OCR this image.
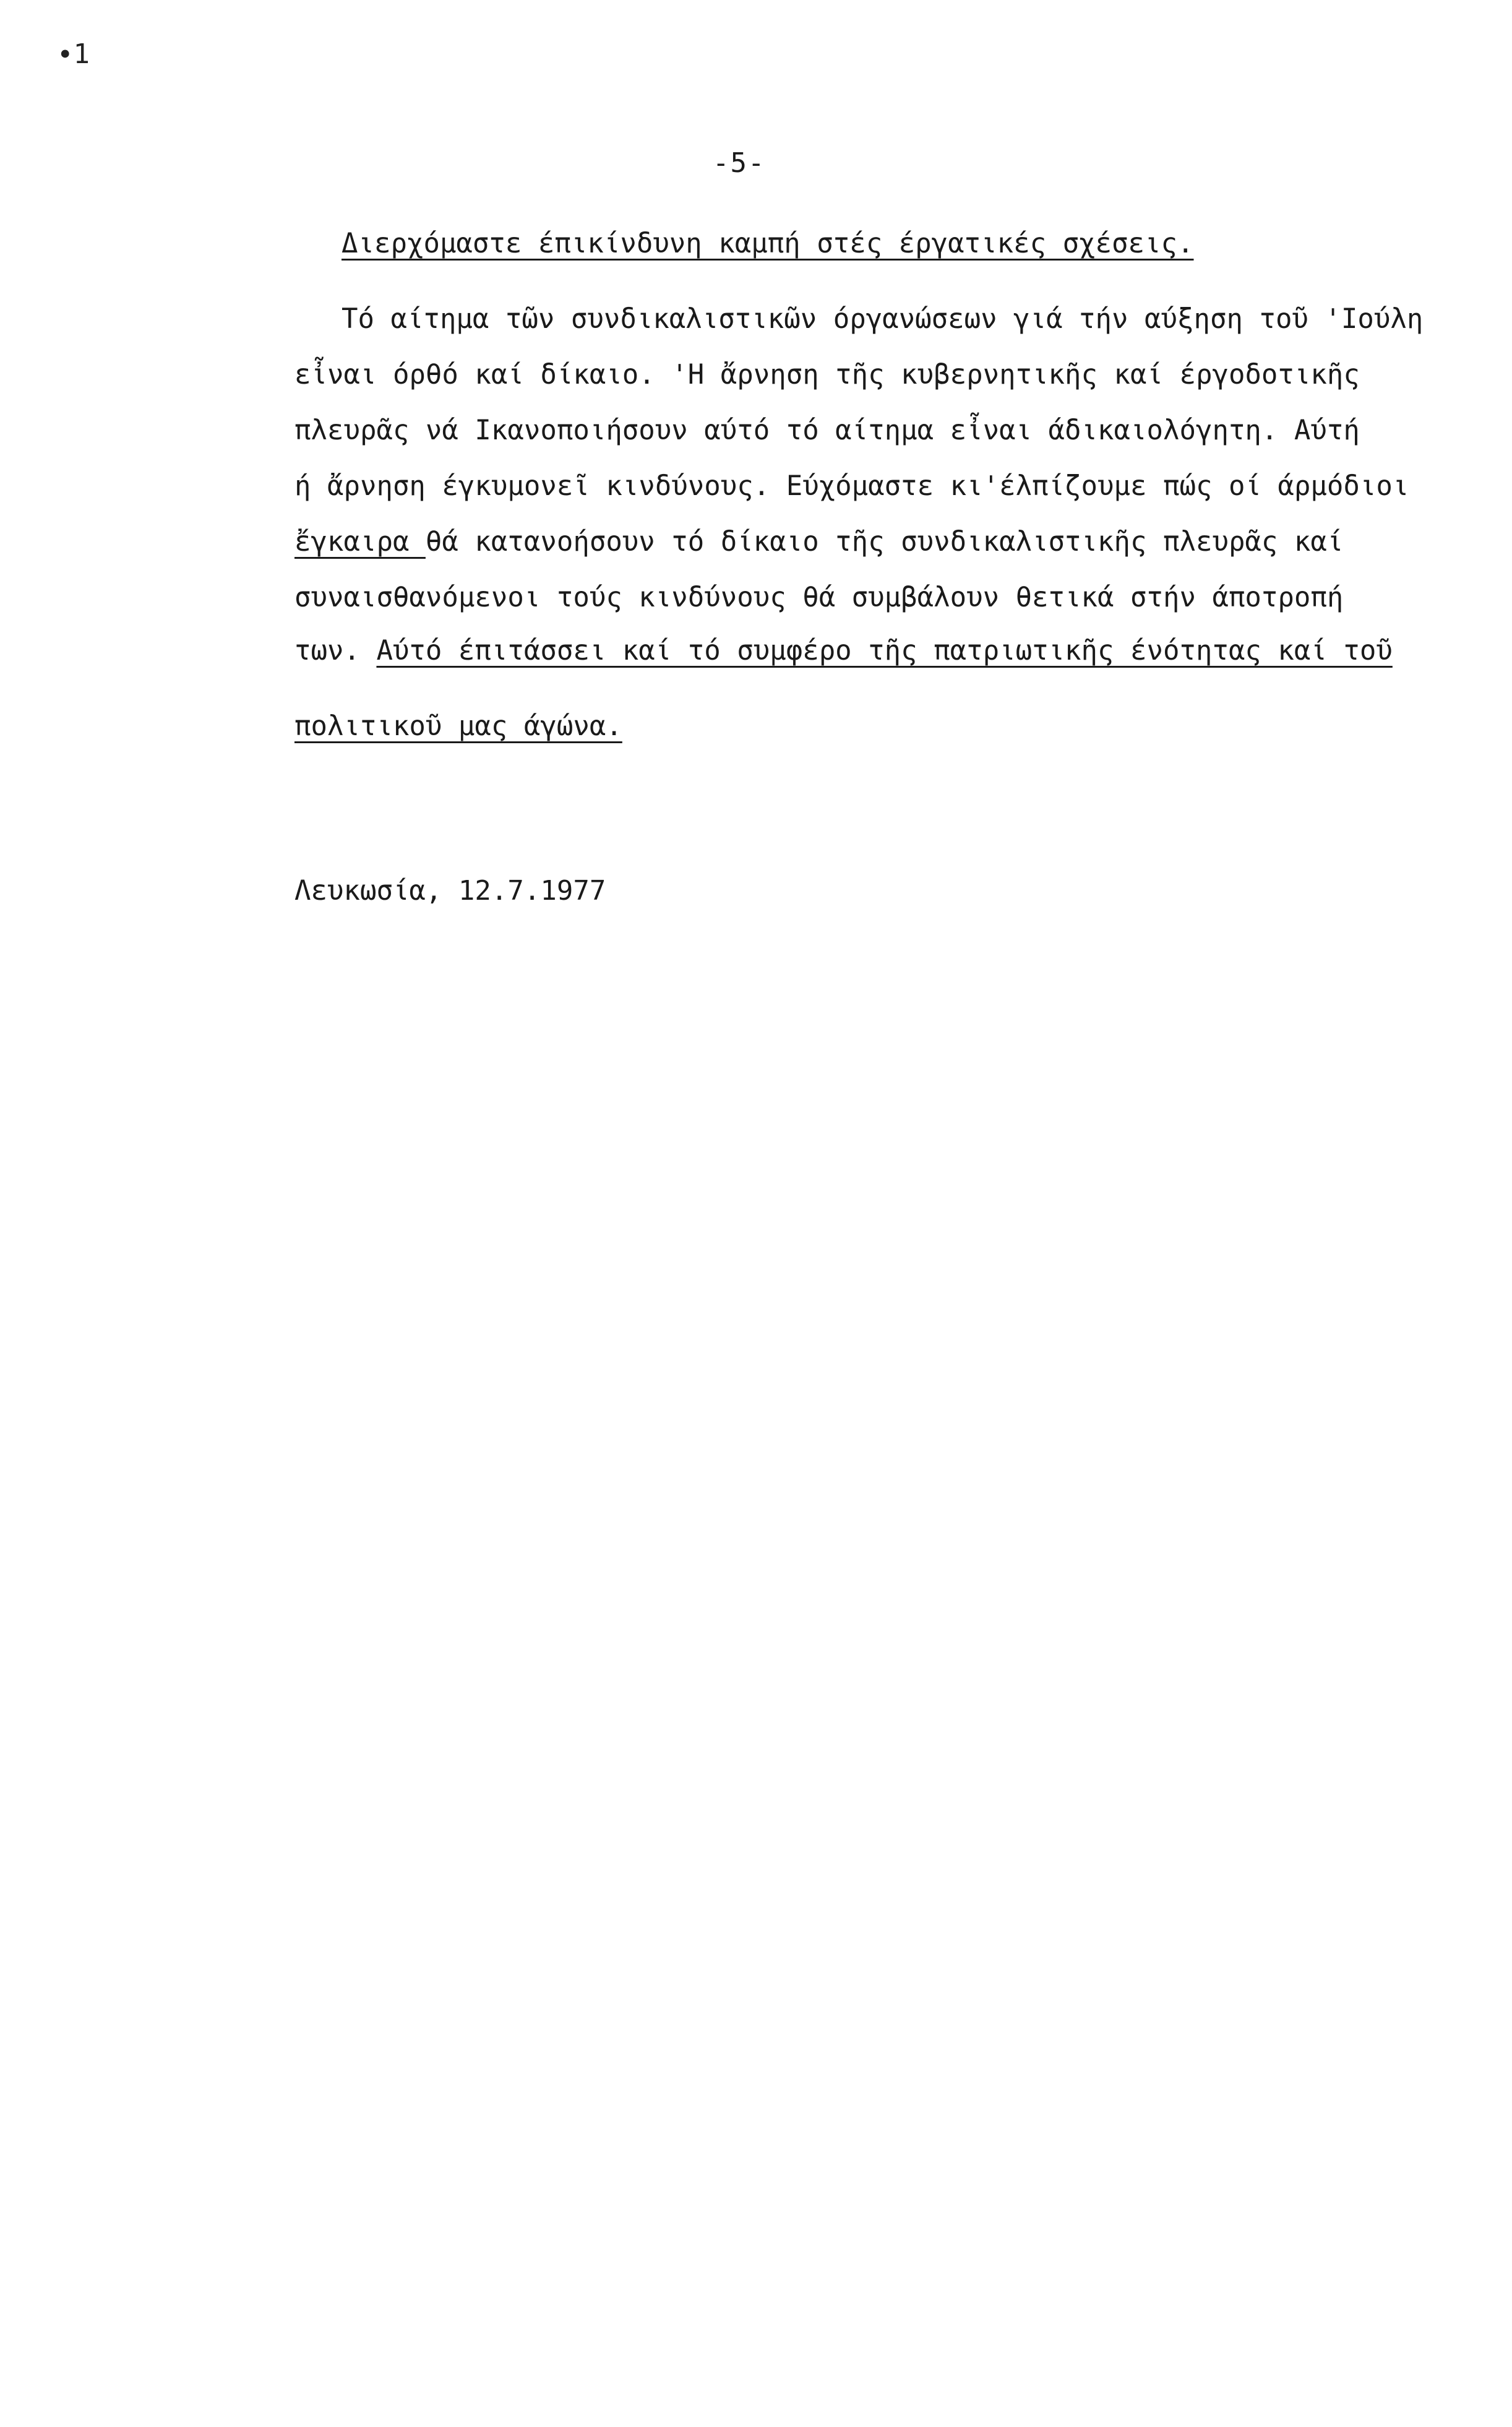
∙1
-5-
Διερχόμαστε έπικίνδυνη καμπή στές έργατικές σχέσεις.
Τό αίτημα τῶν συνδικαλιστικῶν όργανώσεων γιά τήν αύξηση τοῦ 'Ιούλη
εἶναι όρθό καί δίκαιο. 'Η ἄρνηση τῆς κυβερνητικῆς καί έργοδοτικῆς
πλευρᾶς νά Ικανοποιήσουν αύτό τό αίτημα εἶναι άδικαιολόγητη. Αύτή
ή ἄρνηση έγκυμονεῖ κινδύνους. Εύχόμαστε κι'έλπίζουμε πώς οί άρμόδιοι
ἔγκαιρα θά κατανοήσουν τό δίκαιο τῆς συνδικαλιστικῆς πλευρᾶς καί
συναισθανόμενοι τούς κινδύνους θά συμβάλουν θετικά στήν άποτροπή
των. Αύτό έπιτάσσει καί τό συμφέρο τῆς πατριωτικῆς ένότητας καί τοῦ
πολιτικοῦ μας άγώνα.
Λευκωσία, 12.7.1977
